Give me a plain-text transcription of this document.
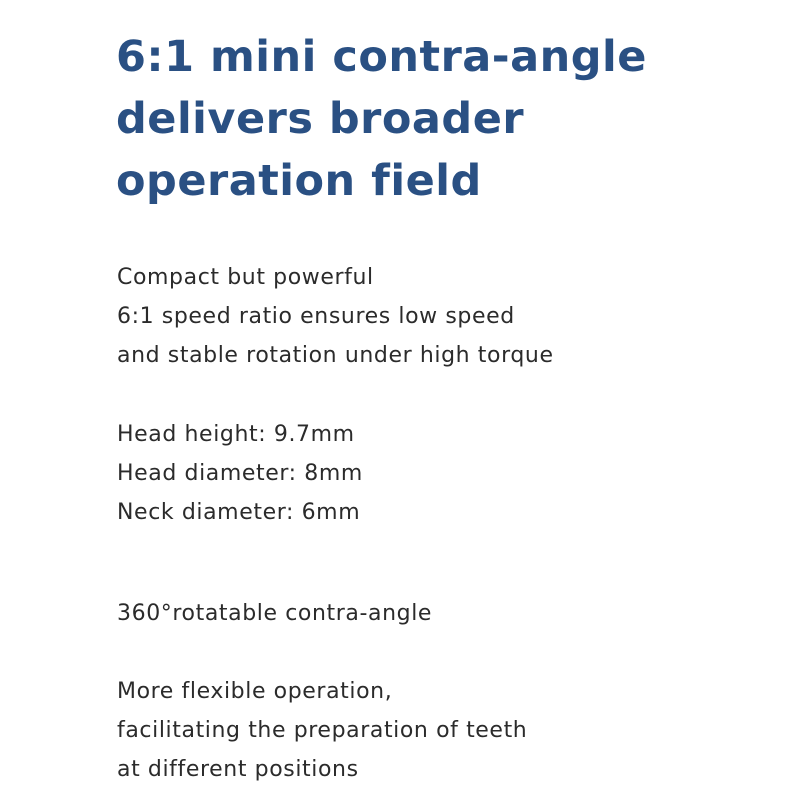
6:1 mini contra-angle
delivers broader
operation field

Compact but powerful
6:1 speed ratio ensures low speed
and stable rotation under high torque

Head height: 9.7mm
Head diameter: 8mm
Neck diameter: 6mm

360°rotatable contra-angle

More flexible operation,
facilitating the preparation of teeth
at different positions
